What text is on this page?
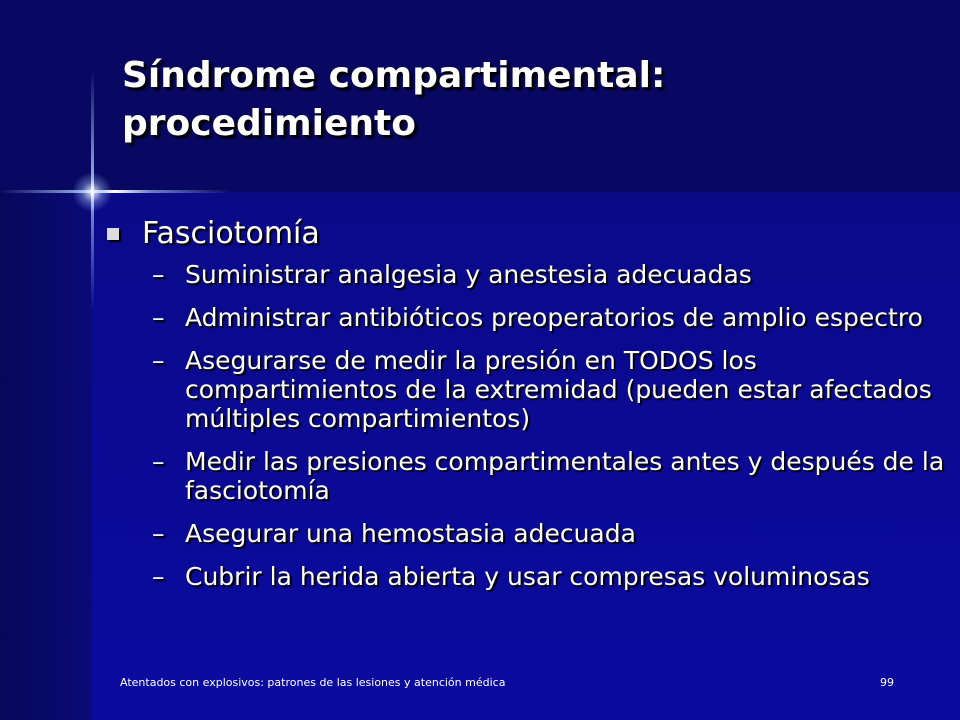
Síndrome compartimental: procedimiento
Fasciotomía
– Suministrar analgesia y anestesia adecuadas
– Administrar antibióticos preoperatorios de amplio espectro
– Asegurarse de medir la presión en TODOS los compartimientos de la extremidad (pueden estar afectados múltiples compartimientos)
– Medir las presiones compartimentales antes y después de la fasciotomía
– Asegurar una hemostasia adecuada
– Cubrir la herida abierta y usar compresas voluminosas
Atentados con explosivos: patrones de las lesiones y atención médica	99
